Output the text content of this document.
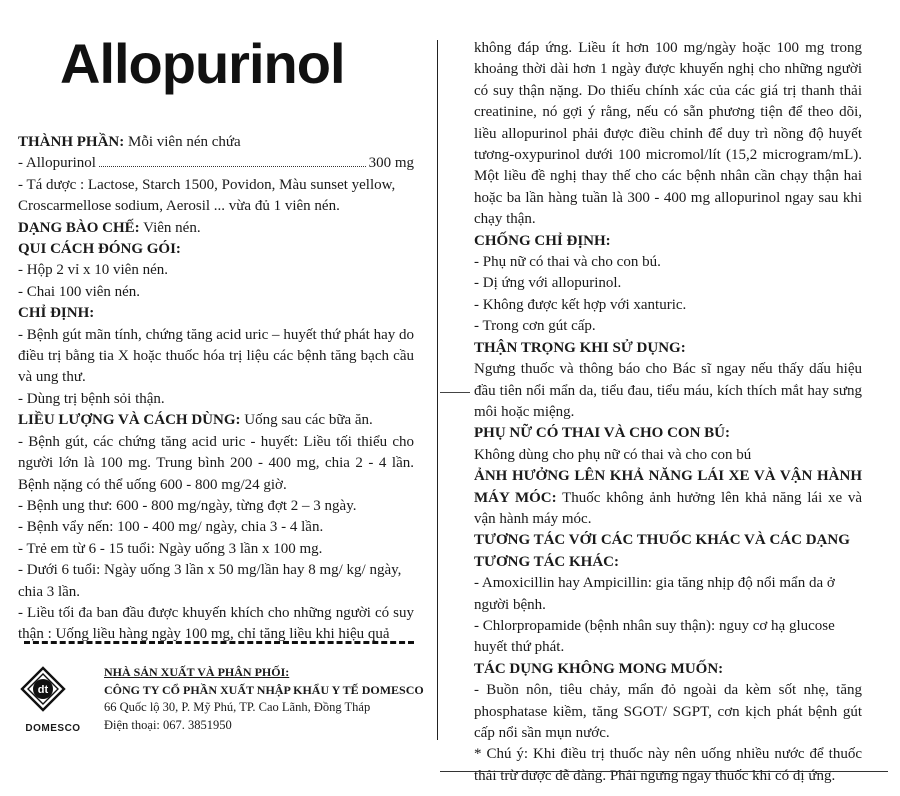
Allopurinol

THÀNH PHẦN: Mỗi viên nén chứa

- Allopurinol	300 mg

- Tá dược : Lactose, Starch 1500, Povidon, Màu sunset yellow, Croscarmellose sodium, Aerosil ... vừa đủ 1 viên nén.

DẠNG BÀO CHẾ: Viên nén.

QUI CÁCH ĐÓNG GÓI:

- Hộp 2 vỉ x 10 viên nén.

- Chai 100 viên nén.

CHỈ ĐỊNH:

- Bệnh gút mãn tính, chứng tăng acid uric – huyết thứ phát hay do điều trị bằng tia X hoặc thuốc hóa trị liệu các bệnh tăng bạch cầu và ung thư.

- Dùng trị bệnh sỏi thận.

LIỀU LƯỢNG VÀ CÁCH DÙNG: Uống sau các bữa ăn.

- Bệnh gút, các chứng tăng acid uric - huyết: Liều tối thiểu cho người lớn là 100 mg. Trung bình 200 - 400 mg, chia 2 - 4 lần. Bệnh nặng có thể uống 600 - 800 mg/24 giờ.

- Bệnh ung thư: 600 - 800 mg/ngày, từng đợt 2 – 3 ngày.

- Bệnh vẩy nến: 100 - 400 mg/ ngày, chia 3 - 4 lần.

- Trẻ em từ 6 - 15 tuổi: Ngày uống 3 lần x 100 mg.

- Dưới 6 tuổi: Ngày uống 3 lần x 50 mg/lần hay 8 mg/ kg/ ngày, chia 3 lần.

- Liều tối đa ban đầu được khuyến khích cho những người có suy thận : Uống liều hàng ngày 100 mg, chỉ tăng liều khi hiệu quả

dt
DOMESCO
NHÀ SẢN XUẤT VÀ PHÂN PHỐI:
CÔNG TY CỔ PHẦN XUẤT NHẬP KHẨU Y TẾ DOMESCO
66 Quốc lộ 30, P. Mỹ Phú, TP. Cao Lãnh, Đồng Tháp
Điện thoại: 067. 3851950

không đáp ứng. Liều ít hơn 100 mg/ngày hoặc 100 mg trong khoảng thời dài hơn 1 ngày được khuyến nghị cho những người có suy thận nặng. Do thiếu chính xác của các giá trị thanh thải creatinine, nó gợi ý rằng, nếu có sẵn phương tiện để theo dõi, liều allopurinol phải được điều chỉnh để duy trì nồng độ huyết tương-oxypurinol dưới 100 micromol/lít (15,2 microgram/mL). Một liều đề nghị thay thế cho các bệnh nhân cần chạy thận hai hoặc ba lần hàng tuần là 300 - 400 mg allopurinol ngay sau khi chạy thận.

CHỐNG CHỈ ĐỊNH:

- Phụ nữ có thai và cho con bú.

- Dị ứng với allopurinol.

- Không được kết hợp với xanturic.

- Trong cơn gút cấp.

THẬN TRỌNG KHI SỬ DỤNG:

Ngưng thuốc và thông báo cho Bác sĩ ngay nếu thấy dấu hiệu đầu tiên nổi mẩn da, tiểu đau, tiểu máu, kích thích mắt hay sưng môi hoặc miệng.

PHỤ NỮ CÓ THAI VÀ CHO CON BÚ:

Không dùng cho phụ nữ có thai và cho con bú

ẢNH HƯỞNG LÊN KHẢ NĂNG LÁI XE VÀ VẬN HÀNH MÁY MÓC: Thuốc không ảnh hưởng lên khả năng lái xe và vận hành máy móc.

TƯƠNG TÁC VỚI CÁC THUỐC KHÁC VÀ CÁC DẠNG TƯƠNG TÁC KHÁC:

- Amoxicillin hay Ampicillin: gia tăng nhịp độ nổi mẩn da ở người bệnh.

- Chlorpropamide (bệnh nhân suy thận): nguy cơ hạ glucose huyết thứ phát.

TÁC DỤNG KHÔNG MONG MUỐN:

- Buồn nôn, tiêu chảy, mẩn đỏ ngoài da kèm sốt nhẹ, tăng phosphatase kiềm, tăng SGOT/ SGPT, cơn kịch phát bệnh gút cấp nổi sần mụn nước.

* Chú ý: Khi điều trị thuốc này nên uống nhiều nước để thuốc thải trừ được dễ dàng. Phải ngưng ngay thuốc khi có dị ứng.
